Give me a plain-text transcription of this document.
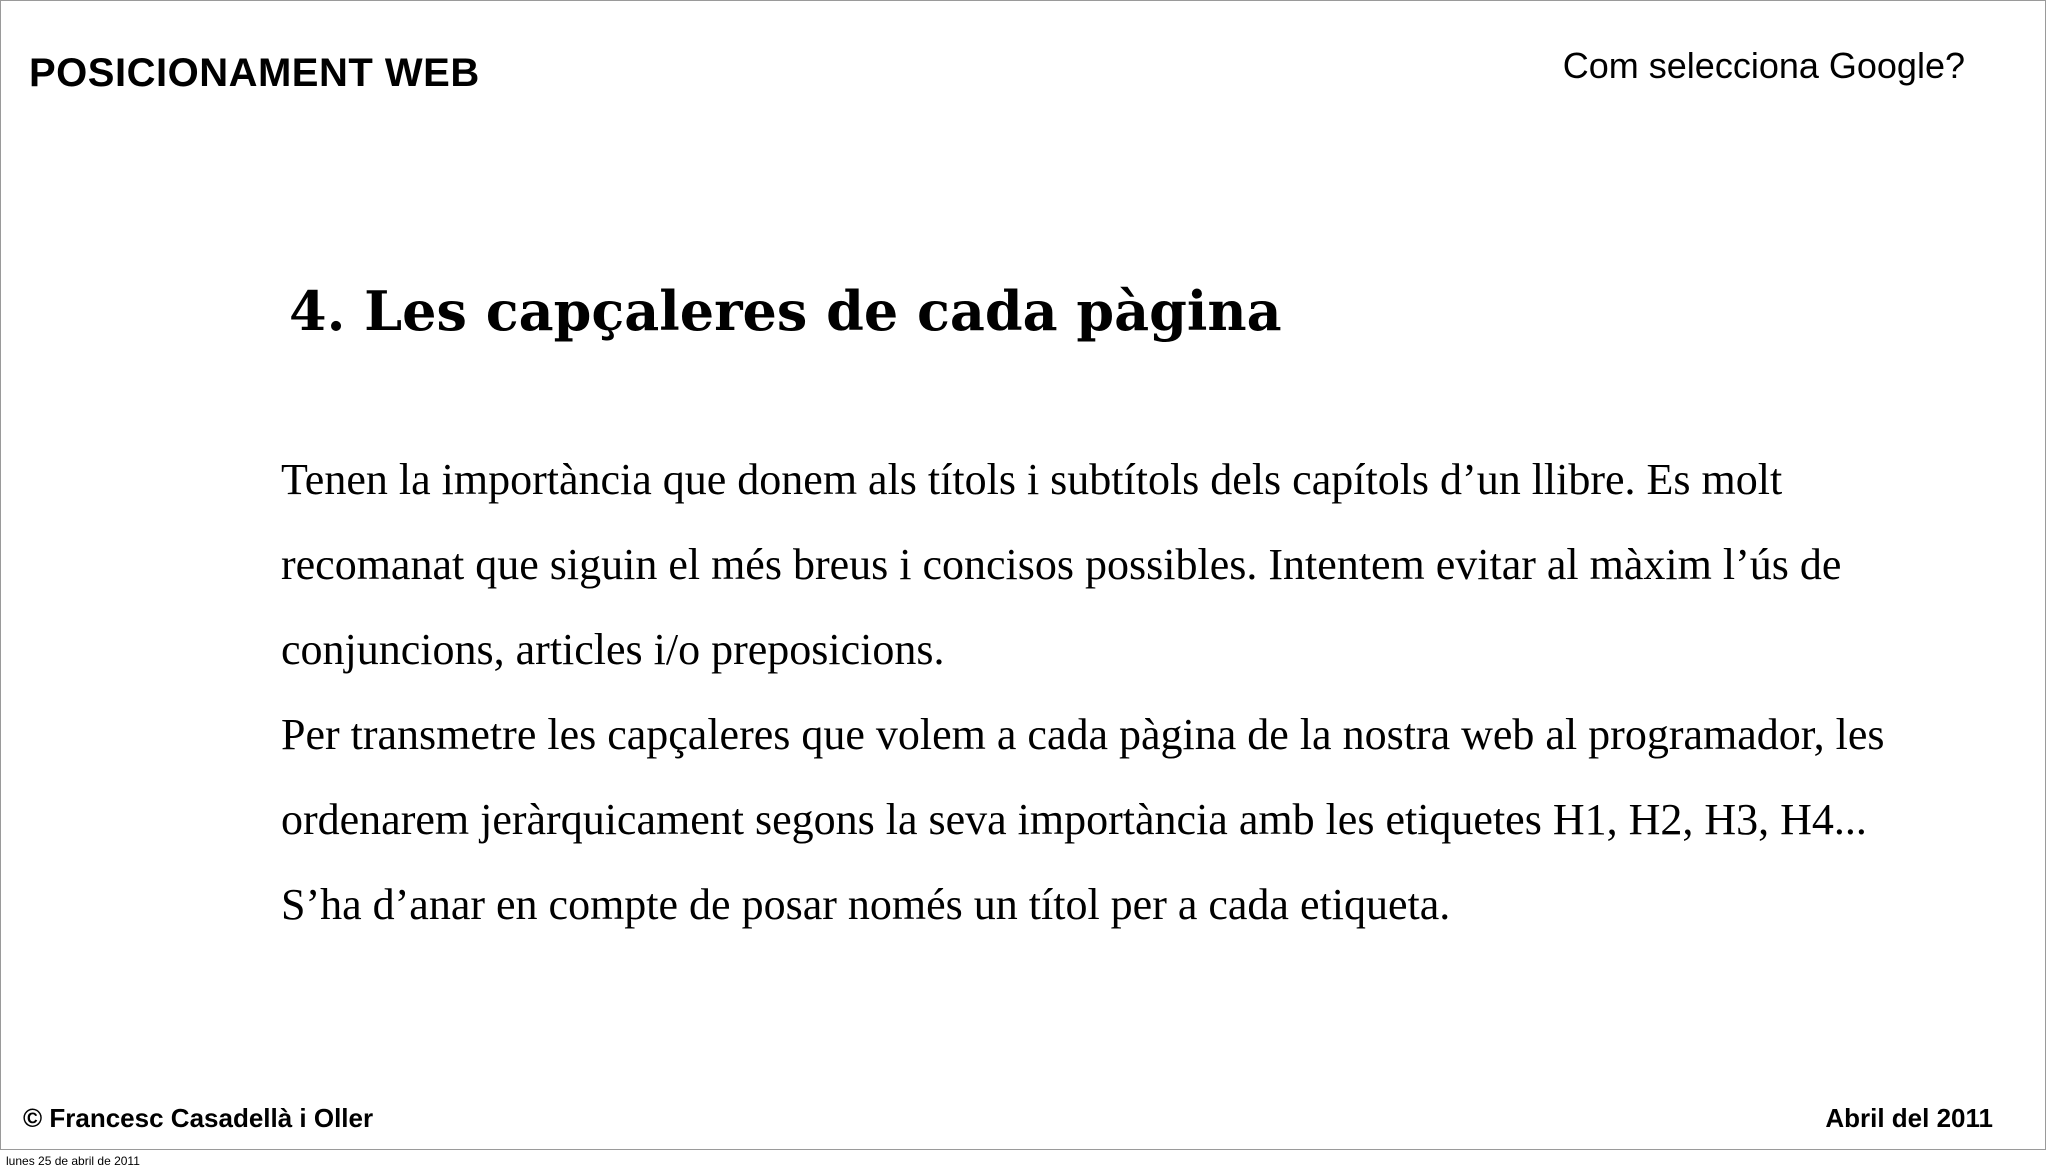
POSICIONAMENT WEB	Com selecciona Google?
4. Les capçaleres de cada pàgina

Tenen la importància que donem als títols i subtítols dels capítols d’un llibre. Es molt recomanat que siguin el més breus i concisos possibles. Intentem evitar al màxim l’ús de conjuncions, articles i/o preposicions.

Per transmetre les capçaleres que volem a cada pàgina de la nostra web al programador, les ordenarem jeràrquicament segons la seva importància amb les etiquetes H1, H2, H3, H4... S’ha d’anar en compte de posar només un títol per a cada etiqueta.

© Francesc Casadellà i Oller	Abril del 2011
lunes 25 de abril de 2011
